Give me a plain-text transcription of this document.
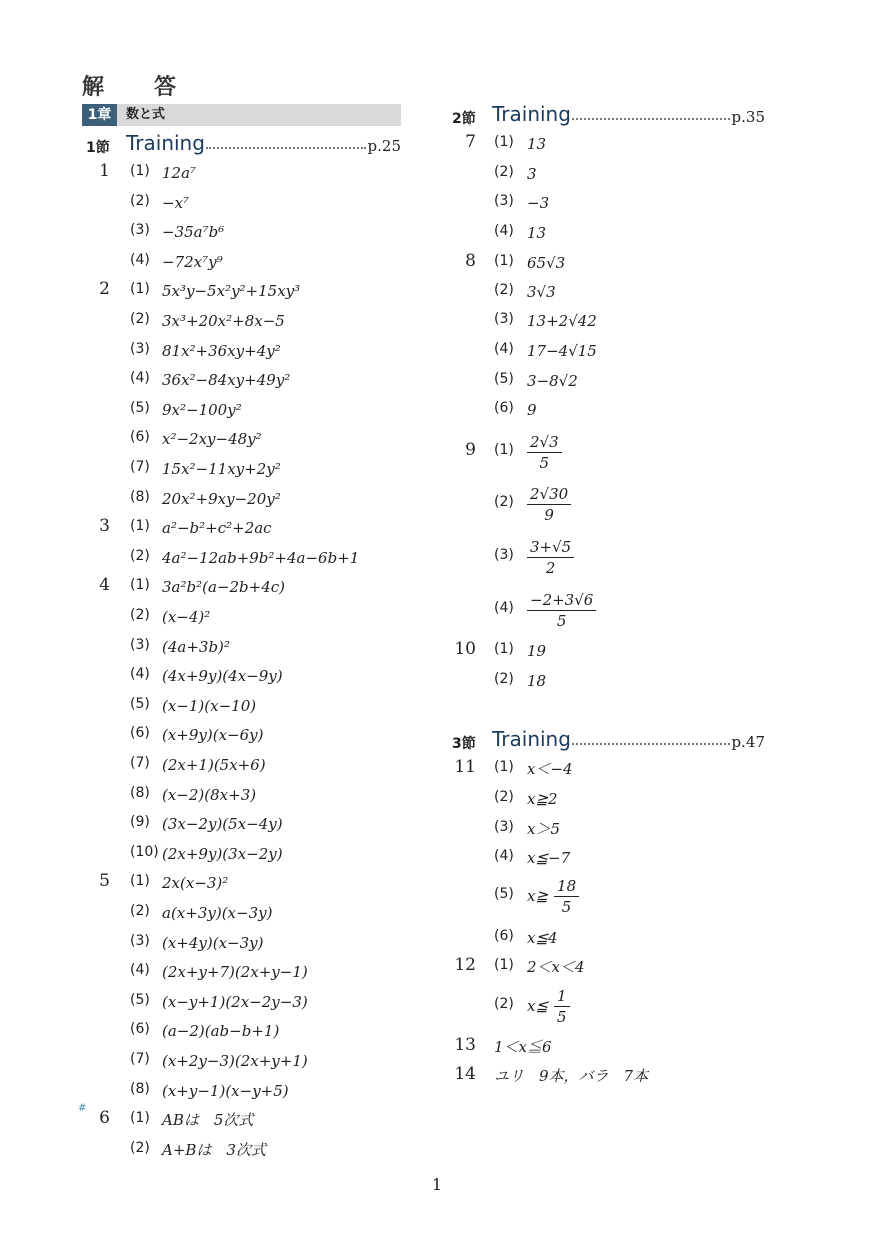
解　答
1章	数と式
1節 Training	p.25
2節 Training	p.35
3節 Training	p.47
1 (1) 12a⁷
(2) −x⁷
(3) −35a⁷b⁶
(4) −72x⁷y⁹
2 (1) 5x³y−5x²y²+15xy³
(2) 3x³+20x²+8x−5
(3) 81x²+36xy+4y²
(4) 36x²−84xy+49y²
(5) 9x²−100y²
(6) x²−2xy−48y²
(7) 15x²−11xy+2y²
(8) 20x²+9xy−20y²
3 (1) a²−b²+c²+2ac
(2) 4a²−12ab+9b²+4a−6b+1
4 (1) 3a²b²(a−2b+4c)
(2) (x−4)²
(3) (4a+3b)²
(4) (4x+9y)(4x−9y)
(5) (x−1)(x−10)
(6) (x+9y)(x−6y)
(7) (2x+1)(5x+6)
(8) (x−2)(8x+3)
(9) (3x−2y)(5x−4y)
(10) (2x+9y)(3x−2y)
5 (1) 2x(x−3)²
(2) a(x+3y)(x−3y)
(3) (x+4y)(x−3y)
(4) (2x+y+7)(2x+y−1)
(5) (x−y+1)(2x−2y−3)
(6) (a−2)(ab−b+1)
(7) (x+2y−3)(2x+y+1)
(8) (x+y−1)(x−y+5)
6
#
(1) ABは　5次式
(2) A+Bは　3次式
7 (1) 13
(2) 3
(3) −3
(4) 13
8 (1) 65√3
(2) 3√3
(3) 13+2√42
(4) 17−4√15
(5) 3−8√2
(6) 9
9 $(1) \frac{2√3}{5}$
$(2) \frac{2√30}{9}$
$(3) \frac{3+√5}{2}$
$(4) \frac{-2+3√6}{5}$
10 (1) 19
(2) 18
11 (1) x＜−4
(2) x≧2
(3) x＞5
(4) x≦−7
(5) x≧ $\frac{18}{5}$
(6) x≦4
12 (1) 2＜x＜4
(2) x≦ $\frac{1}{5}$
13 1＜x≦6
14 ユリ　9本，バラ　7本
1
